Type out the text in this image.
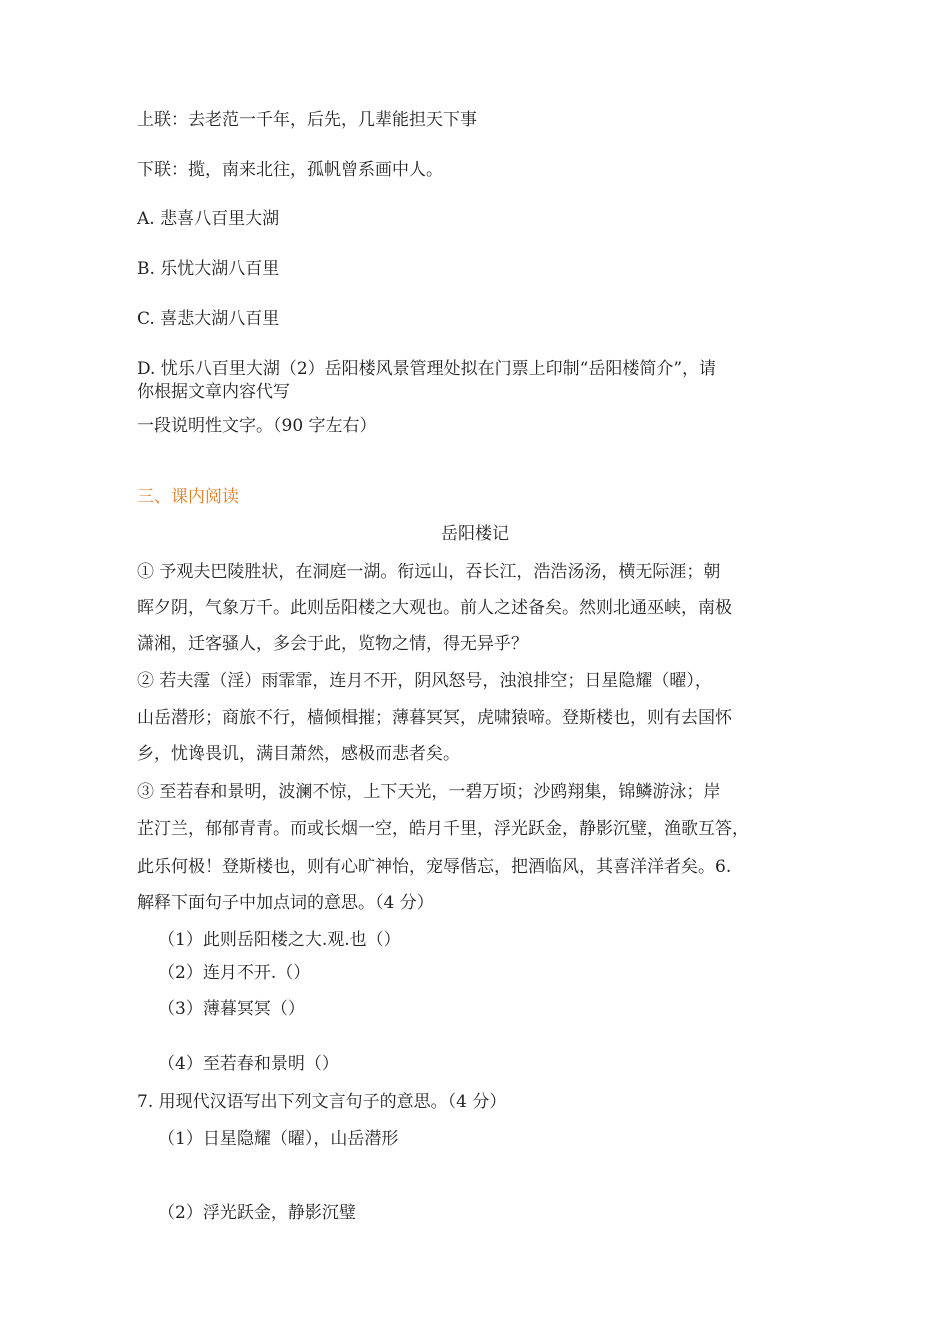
上联：去老范一千年，后先，几辈能担天下事
下联：揽，南来北往，孤帆曾系画中人。
A. 悲喜八百里大湖
B. 乐忧大湖八百里
C. 喜悲大湖八百里
D. 忧乐八百里大湖（2）岳阳楼风景管理处拟在门票上印制“岳阳楼简介”，请
你根据文章内容代写
一段说明性文字。（90 字左右）
三、课内阅读
岳阳楼记
① 予观夫巴陵胜状，在洞庭一湖。衔远山，吞长江，浩浩汤汤，横无际涯；朝
晖夕阴，气象万千。此则岳阳楼之大观也。前人之述备矣。然则北通巫峡，南极
潇湘，迁客骚人，多会于此，览物之情，得无异乎？
② 若夫霪（淫）雨霏霏，连月不开，阴风怒号，浊浪排空；日星隐耀（曜），
山岳潜形；商旅不行，樯倾楫摧；薄暮冥冥，虎啸猿啼。登斯楼也，则有去国怀
乡，忧谗畏讥，满目萧然，感极而悲者矣。
③ 至若春和景明，波澜不惊，上下天光，一碧万顷；沙鸥翔集，锦鳞游泳；岸
芷汀兰，郁郁青青。而或长烟一空，皓月千里，浮光跃金，静影沉璧，渔歌互答，
此乐何极！登斯楼也，则有心旷神怡，宠辱偕忘，把酒临风，其喜洋洋者矣。6.
解释下面句子中加点词的意思。（4 分）
（1）此则岳阳楼之大.观.也（）
（2）连月不开.（）
（3）薄暮冥冥（）
（4）至若春和景明（）
7. 用现代汉语写出下列文言句子的意思。（4 分）
（1）日星隐耀（曜），山岳潜形
（2）浮光跃金，静影沉璧
